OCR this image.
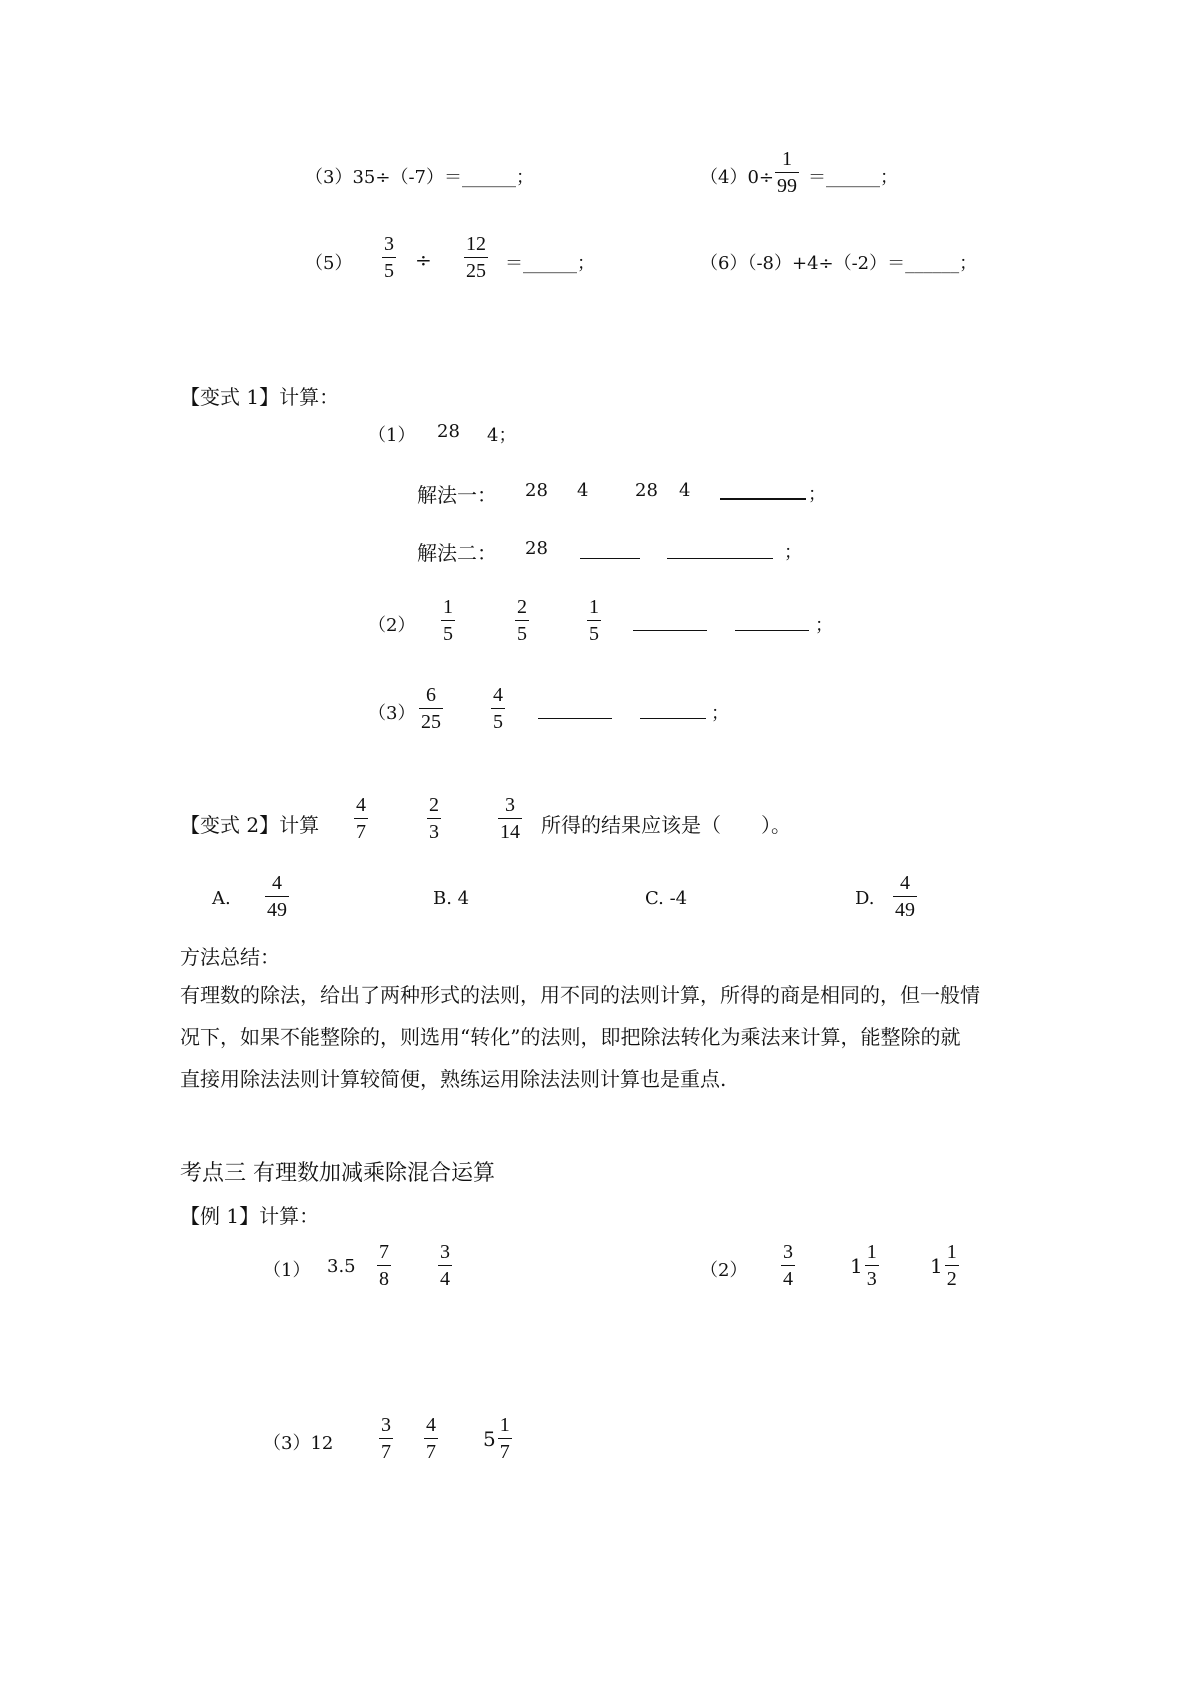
（3）35÷（-7）＝______；	（4）0÷
1
99 ＝______；
（5）
3
5 ÷
12
25 ＝______；	（6）（-8）+4÷（-2）＝______；
【变式 1】计算：
（1） 28 4；
解法一： 28 4	28 4	；
解法二： 28	；
（2）
1
5
2
5
1
5	；
（3）
6
25
4
5	；
【变式 2】计算
4
7
2
3
3
14 所得的结果应该是（　　）。
A.
4
49
B. 4	C. -4	D.
4
49

方法总结：

有理数的除法，给出了两种形式的法则，用不同的法则计算，所得的商是相同的，但一般情

况下，如果不能整除的，则选用“转化”的法则，即把除法转化为乘法来计算，能整除的就

直接用除法法则计算较简便，熟练运用除法法则计算也是重点.

考点三 有理数加减乘除混合运算
【例 1】计算：
（1） 3.5
7
8
3
4	（2）
3
4
$1 \frac{1}{3}$	$1 \frac{1}{2}$
（3）12
3
7
4
7
$5 \frac{1}{7}$
